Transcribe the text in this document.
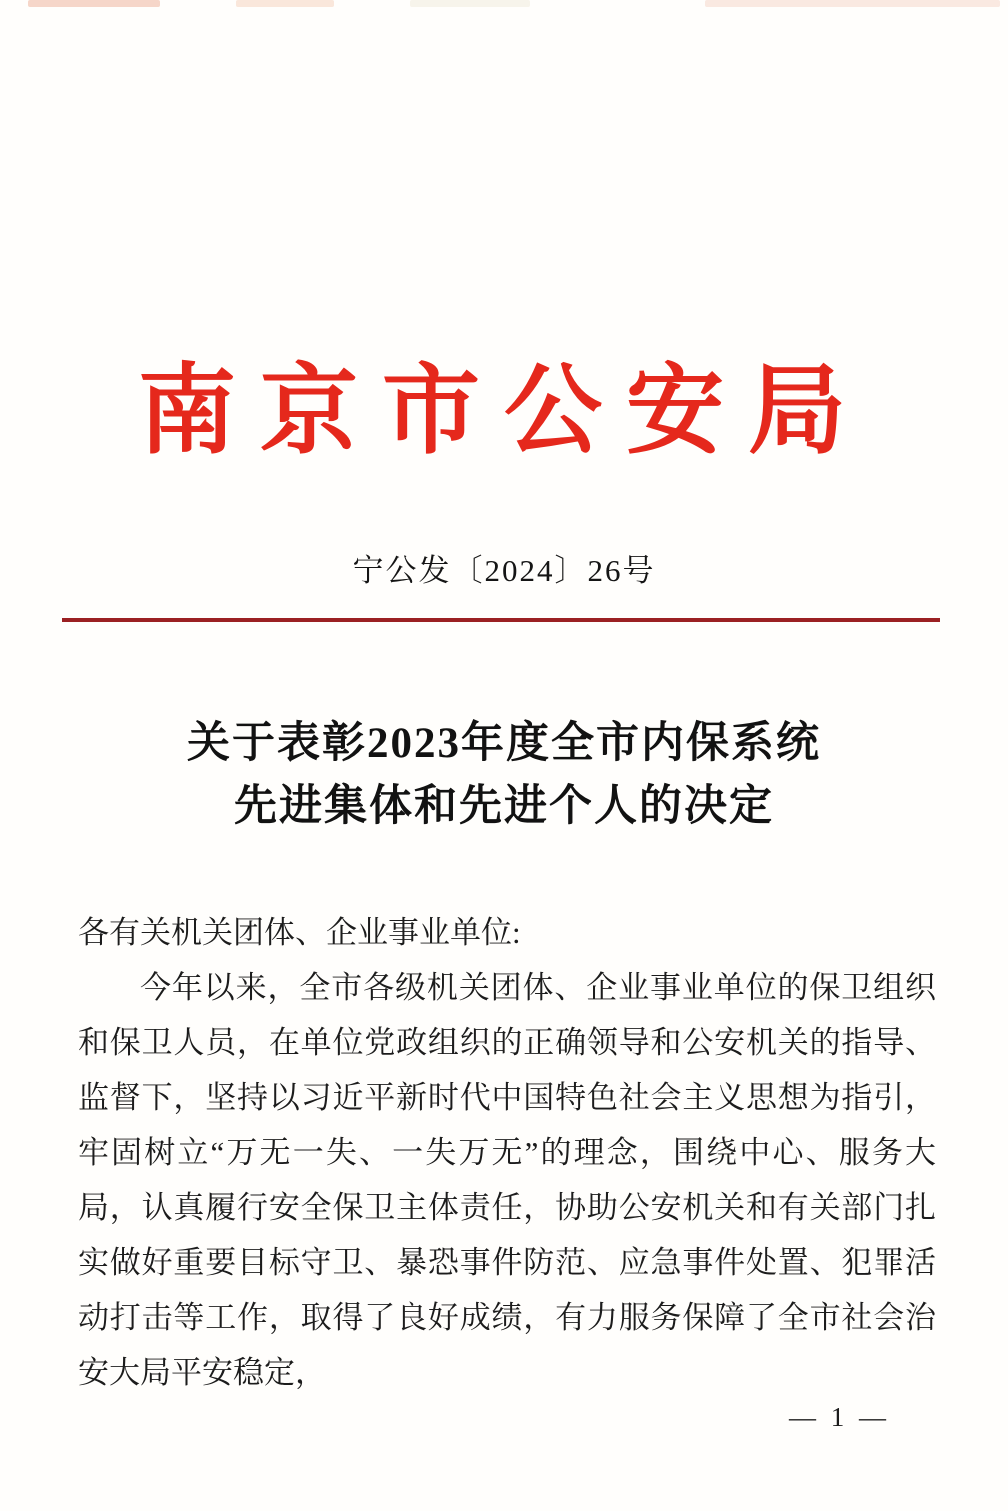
南京市公安局
宁公发〔2024〕26号
关于表彰2023年度全市内保系统
先进集体和先进个人的决定
各有关机关团体、企业事业单位:

今年以来，全市各级机关团体、企业事业单位的保卫组织和保卫人员，在单位党政组织的正确领导和公安机关的指导、监督下，坚持以习近平新时代中国特色社会主义思想为指引，牢固树立“万无一失、一失万无”的理念，围绕中心、服务大局，认真履行安全保卫主体责任，协助公安机关和有关部门扎实做好重要目标守卫、暴恐事件防范、应急事件处置、犯罪活动打击等工作，取得了良好成绩，有力服务保障了全市社会治安大局平安稳定，

— 1 —
